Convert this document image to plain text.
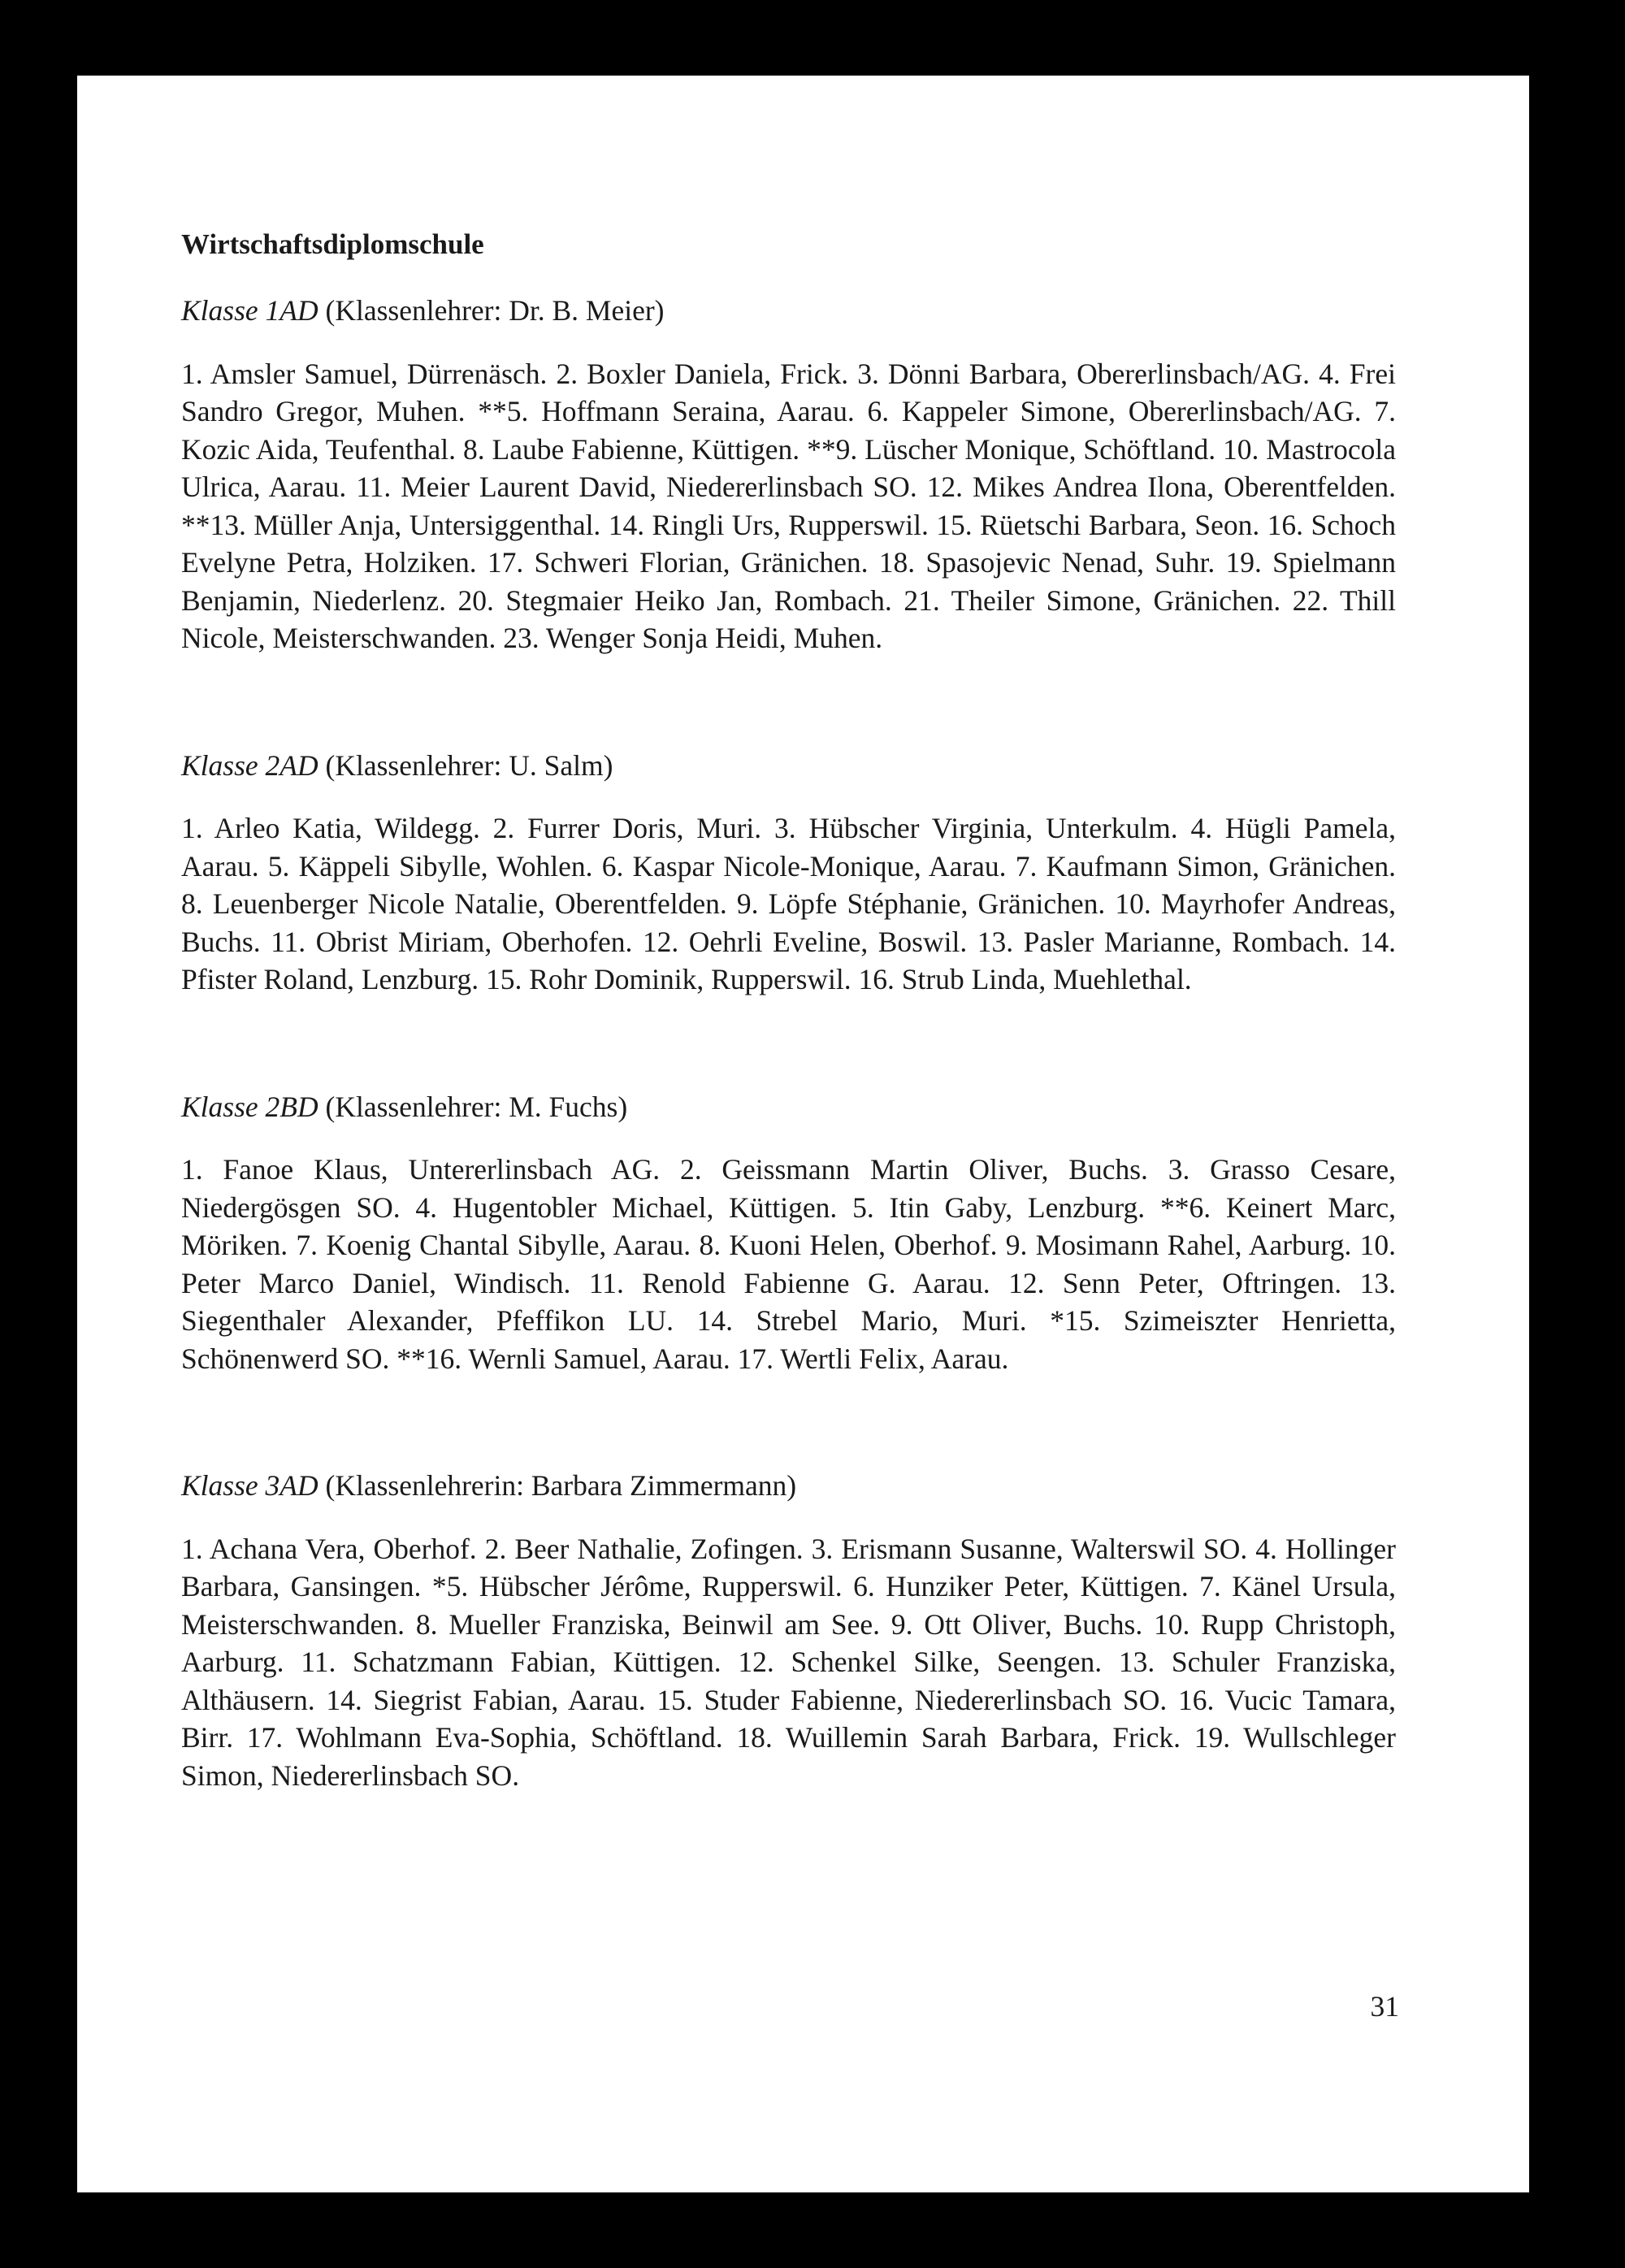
Wirtschaftsdiplomschule

Klasse 1AD (Klassenlehrer: Dr. B. Meier)

1. Amsler Samuel, Dürrenäsch. 2. Boxler Daniela, Frick. 3. Dönni Barbara, Obererlinsbach/AG. 4. Frei Sandro Gregor, Muhen. **5. Hoffmann Seraina, Aarau. 6. Kappeler Simone, Obererlinsbach/AG. 7. Kozic Aida, Teufenthal. 8. Laube Fabienne, Küttigen. **9. Lüscher Monique, Schöftland. 10. Mastrocola Ulrica, Aarau. 11. Meier Laurent David, Niedererlinsbach SO. 12. Mikes Andrea Ilona, Oberentfelden. **13. Müller Anja, Untersiggenthal. 14. Ringli Urs, Rupperswil. 15. Rüetschi Barbara, Seon. 16. Schoch Evelyne Petra, Holziken. 17. Schweri Florian, Gränichen. 18. Spasojevic Nenad, Suhr. 19. Spielmann Benjamin, Niederlenz. 20. Stegmaier Heiko Jan, Rombach. 21. Theiler Simone, Gränichen. 22. Thill Nicole, Meisterschwanden. 23. Wenger Sonja Heidi, Muhen.

Klasse 2AD (Klassenlehrer: U. Salm)

1. Arleo Katia, Wildegg. 2. Furrer Doris, Muri. 3. Hübscher Virginia, Unterkulm. 4. Hügli Pamela, Aarau. 5. Käppeli Sibylle, Wohlen. 6. Kaspar Nicole-Monique, Aarau. 7. Kaufmann Simon, Gränichen. 8. Leuenberger Nicole Natalie, Oberentfelden. 9. Löpfe Stéphanie, Gränichen. 10. Mayrhofer Andreas, Buchs. 11. Obrist Miriam, Oberhofen. 12. Oehrli Eveline, Boswil. 13. Pasler Marianne, Rombach. 14. Pfister Roland, Lenzburg. 15. Rohr Dominik, Rupperswil. 16. Strub Linda, Muehlethal.

Klasse 2BD (Klassenlehrer: M. Fuchs)

1. Fanoe Klaus, Untererlinsbach AG. 2. Geissmann Martin Oliver, Buchs. 3. Grasso Cesare, Niedergösgen SO. 4. Hugentobler Michael, Küttigen. 5. Itin Gaby, Lenzburg. **6. Keinert Marc, Möriken. 7. Koenig Chantal Sibylle, Aarau. 8. Kuoni Helen, Oberhof. 9. Mosimann Rahel, Aarburg. 10. Peter Marco Daniel, Windisch. 11. Renold Fabienne G. Aarau. 12. Senn Peter, Oftringen. 13. Siegenthaler Alexander, Pfeffikon LU. 14. Strebel Mario, Muri. *15. Szimeiszter Henrietta, Schönenwerd SO. **16. Wernli Samuel, Aarau. 17. Wertli Felix, Aarau.

Klasse 3AD (Klassenlehrerin: Barbara Zimmermann)

1. Achana Vera, Oberhof. 2. Beer Nathalie, Zofingen. 3. Erismann Susanne, Walterswil SO. 4. Hollinger Barbara, Gansingen. *5. Hübscher Jérôme, Rupperswil. 6. Hunziker Peter, Küttigen. 7. Känel Ursula, Meisterschwanden. 8. Mueller Franziska, Beinwil am See. 9. Ott Oliver, Buchs. 10. Rupp Christoph, Aarburg. 11. Schatzmann Fabian, Küttigen. 12. Schenkel Silke, Seengen. 13. Schuler Franziska, Althäusern. 14. Siegrist Fabian, Aarau. 15. Studer Fabienne, Niedererlinsbach SO. 16. Vucic Tamara, Birr. 17. Wohlmann Eva-Sophia, Schöftland. 18. Wuillemin Sarah Barbara, Frick. 19. Wullschleger Simon, Niedererlinsbach SO.

31
